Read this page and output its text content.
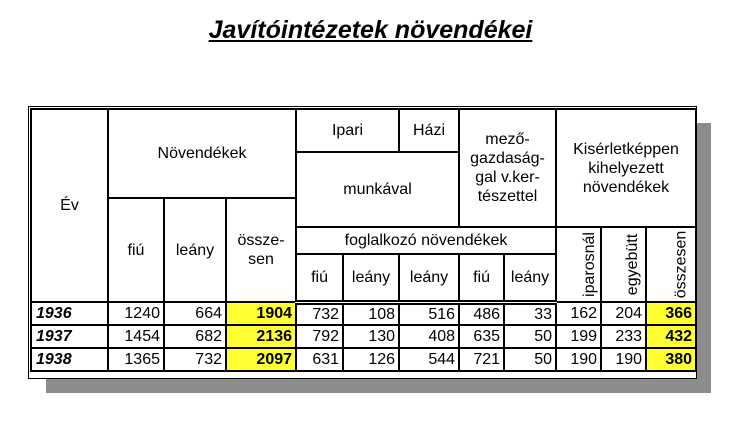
Javítóintézetek növendékei
Év	Növendékek			Ipari		Házi	mező-
gazdaság-
gal v.ker-
tészettel		Kisérletképpen
kihelyezett
növendékek		

				munkával							
	fiú	leány	össze-
sen								

				foglalkozó növendékek					iparosnál	egyebütt	összesen
				fiú	leány	leány	fiú	leány			
1936	1240	664	1904	732	108	516	486	33	162	204	366
1937	1454	682	2136	792	130	408	635	50	199	233	432
1938	1365	732	2097	631	126	544	721	50	190	190	380
